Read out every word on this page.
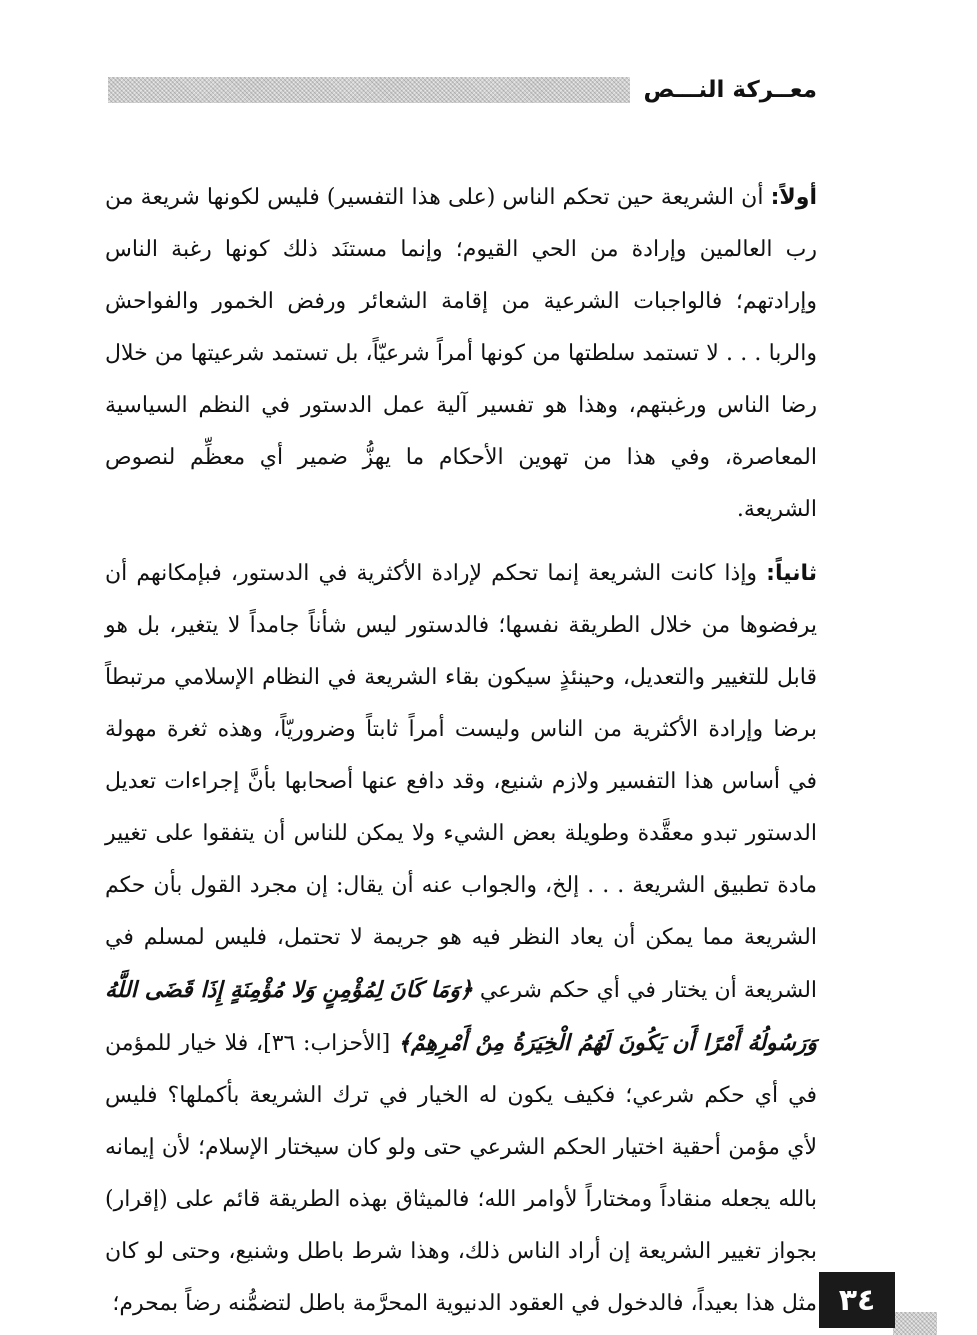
معــركة النـــص

أولاً: أن الشريعة حين تحكم الناس (على هذا التفسير) فليس لكونها شريعة من رب العالمين وإرادة من الحي القيوم؛ وإنما مستنَد ذلك كونها رغبة الناس وإرادتهم؛ فالواجبات الشرعية من إقامة الشعائر ورفض الخمور والفواحش والربا . . . لا تستمد سلطتها من كونها أمراً شرعيّاً، بل تستمد شرعيتها من خلال رضا الناس ورغبتهم، وهذا هو تفسير آلية عمل الدستور في النظم السياسية المعاصرة، وفي هذا من تهوين الأحكام ما يهزُّ ضمير أي معظِّم لنصوص الشريعة.

ثانياً: وإذا كانت الشريعة إنما تحكم لإرادة الأكثرية في الدستور، فبإمكانهم أن يرفضوها من خلال الطريقة نفسها؛ فالدستور ليس شأناً جامداً لا يتغير، بل هو قابل للتغيير والتعديل، وحينئذٍ سيكون بقاء الشريعة في النظام الإسلامي مرتبطاً برضا وإرادة الأكثرية من الناس وليست أمراً ثابتاً وضروريّاً، وهذه ثغرة مهولة في أساس هذا التفسير ولازم شنيع، وقد دافع عنها أصحابها بأنَّ إجراءات تعديل الدستور تبدو معقَّدة وطويلة بعض الشيء ولا يمكن للناس أن يتفقوا على تغيير مادة تطبيق الشريعة . . . إلخ، والجواب عنه أن يقال: إن مجرد القول بأن حكم الشريعة مما يمكن أن يعاد النظر فيه هو جريمة لا تحتمل، فليس لمسلم في الشريعة أن يختار في أي حكم شرعي ﴿وَمَا كَانَ لِمُؤْمِنٍ وَلا مُؤْمِنَةٍ إِذَا قَضَى اللَّهُ وَرَسُولُهُ أَمْرًا أَن يَكُونَ لَهُمُ الْخِيَرَةُ مِنْ أَمْرِهِمْ﴾ [الأحزاب: ٣٦]، فلا خيار للمؤمن في أي حكم شرعي؛ فكيف يكون له الخيار في ترك الشريعة بأكملها؟ فليس لأي مؤمن أحقية اختيار الحكم الشرعي حتى ولو كان سيختار الإسلام؛ لأن إيمانه بالله يجعله منقاداً ومختاراً لأوامر الله؛ فالميثاق بهذه الطريقة قائم على (إقرار) بجواز تغيير الشريعة إن أراد الناس ذلك، وهذا شرط باطل وشنيع، وحتى لو كان مثل هذا بعيداً، فالدخول في العقود الدنيوية المحرَّمة باطل لتضمُّنه رضاً بمحرم؛ ٣٤
